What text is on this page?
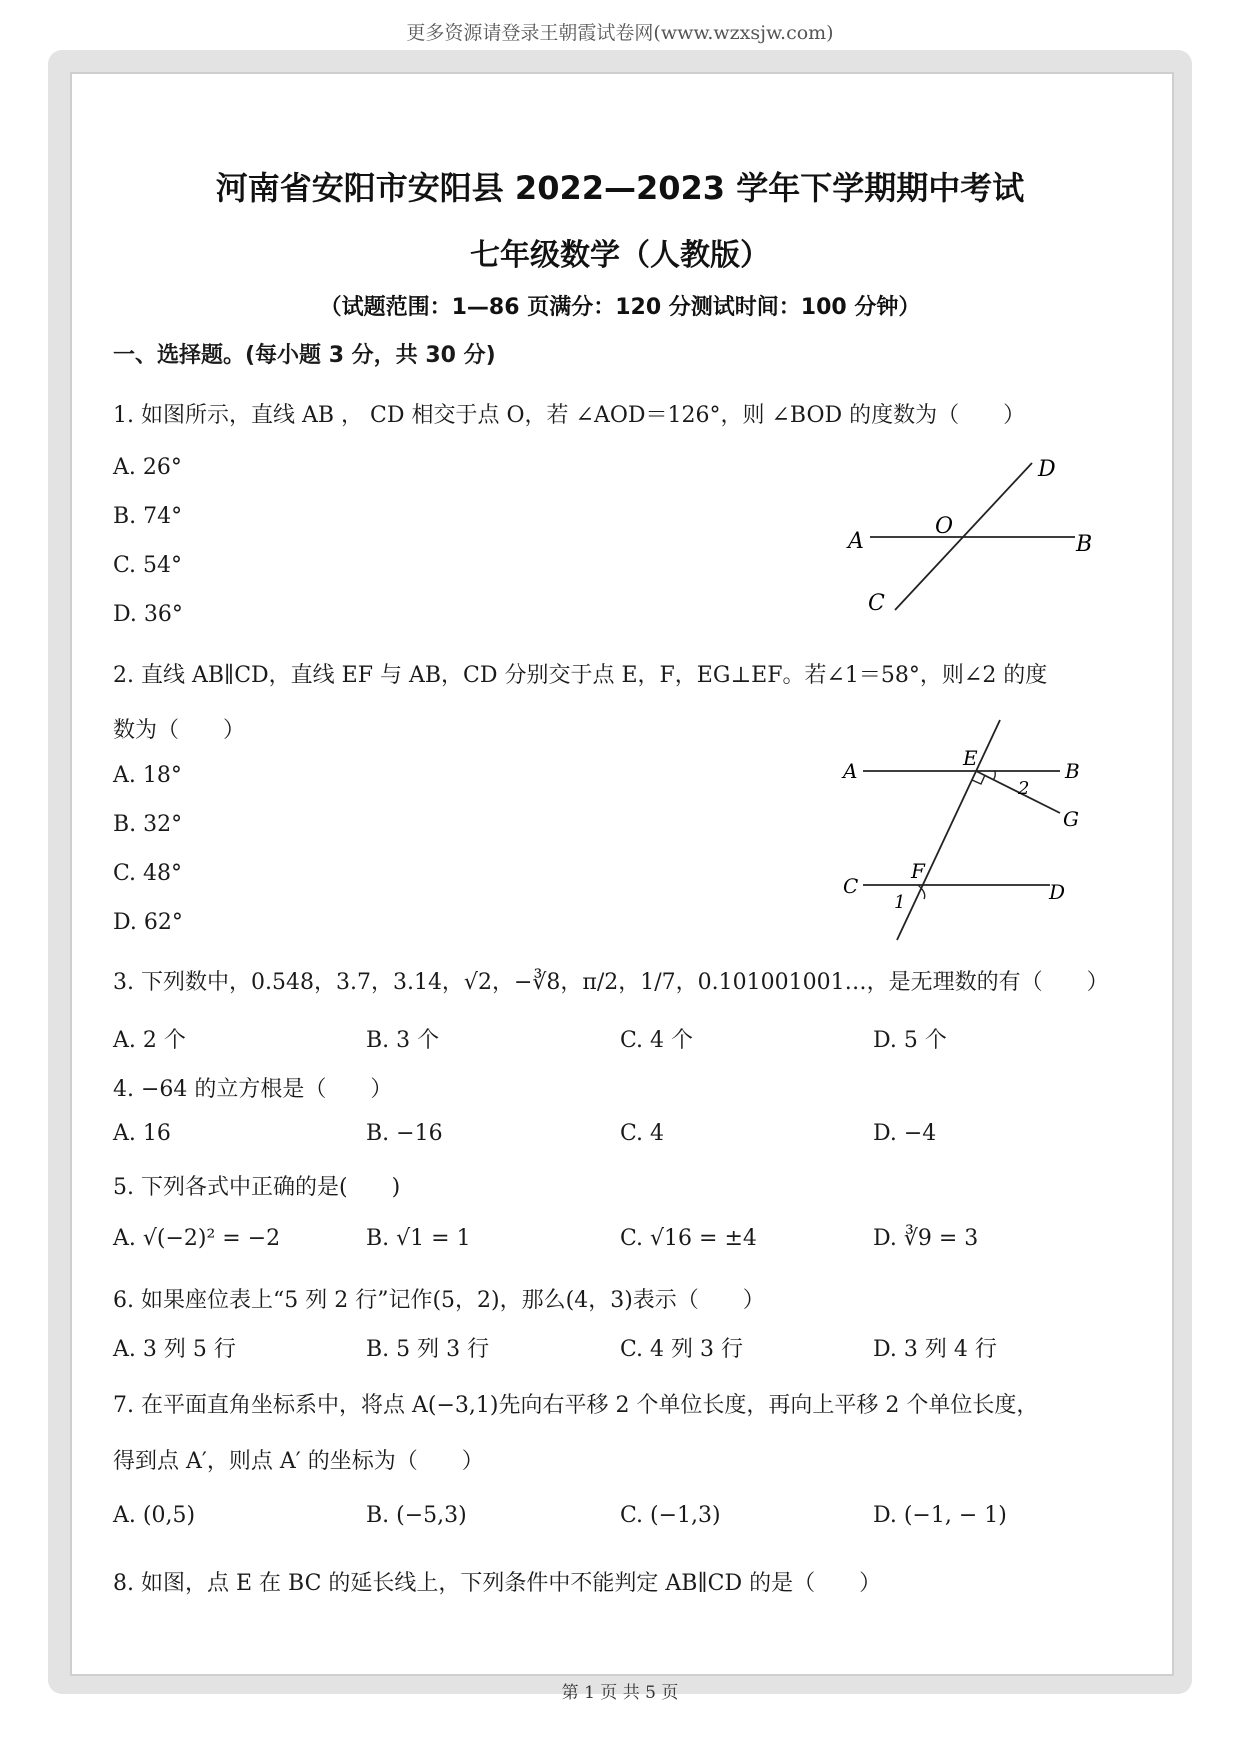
更多资源请登录王朝霞试卷网(www.wzxsjw.com)
河南省安阳市安阳县 2022—2023 学年下学期期中考试
七年级数学（人教版）
（试题范围：1—86 页满分：120 分测试时间：100 分钟）
一、选择题。(每小题 3 分，共 30 分)
1. 如图所示，直线 AB ， CD 相交于点 O，若 ∠AOD＝126°，则 ∠BOD 的度数为（　　）
A. 26°
B. 74°
C. 54°
D. 36°
D
O
A	B
C
2. 直线 AB∥CD，直线 EF 与 AB，CD 分别交于点 E，F，EG⊥EF。若∠1＝58°，则∠2 的度
数为（　　）
A. 18°
B. 32°
C. 48°
D. 62°
A
E
B
2
G
C
F
D
1
3. 下列数中，0.548，3.7，3.14，√2，−∛8，π/2，1/7，0.101001001…，是无理数的有（　　）
A. 2 个	B. 3 个	C. 4 个	D. 5 个
4. −64 的立方根是（　　）
A. 16	B. −16	C. 4	D. −4
5. 下列各式中正确的是(　　)
A. √(−2)² = −2	B. √1 = 1	C. √16 = ±4	D. ∛9 = 3
6. 如果座位表上“5 列 2 行”记作(5，2)，那么(4，3)表示（　　）
A. 3 列 5 行	B. 5 列 3 行	C. 4 列 3 行	D. 3 列 4 行
7. 在平面直角坐标系中，将点 A(−3,1)先向右平移 2 个单位长度，再向上平移 2 个单位长度，
得到点 A′，则点 A′ 的坐标为（　　）
A. (0,5)	B. (−5,3)	C. (−1,3)	D. (−1, − 1)
8. 如图，点 E 在 BC 的延长线上，下列条件中不能判定 AB∥CD 的是（　　）
第 1 页 共 5 页
